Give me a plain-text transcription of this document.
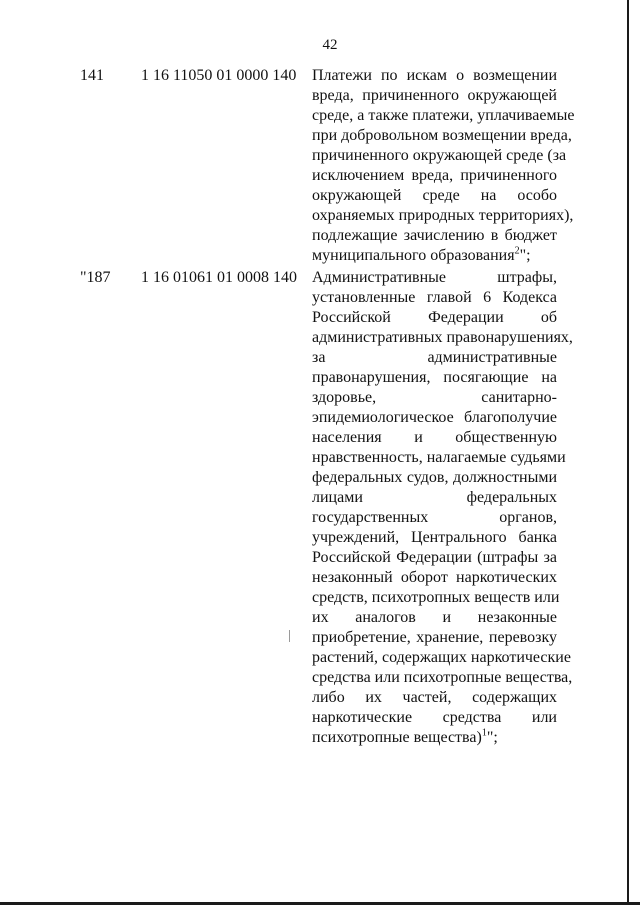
42
141 1 16 11050 01 0000 140 Платежи по искам о возмещении
вреда, причиненного окружающей
среде, а также платежи, уплачиваемые
при добровольном возмещении вреда,
причиненного окружающей среде (за
исключением вреда, причиненного
окружающей среде на особо
охраняемых природных территориях),
подлежащие зачислению в бюджет
муниципального образования$^2$";
"187 1 16 01061 01 0008 140 Административные штрафы,
установленные главой 6 Кодекса
Российской Федерации об
административных правонарушениях,
за административные
правонарушения, посягающие на
здоровье, санитарно-
эпидемиологическое благополучие
населения и общественную
нравственность, налагаемые судьями
федеральных судов, должностными
лицами федеральных
государственных органов,
учреждений, Центрального банка
Российской Федерации (штрафы за
незаконный оборот наркотических
средств, психотропных веществ или
их аналогов и незаконные
приобретение, хранение, перевозку
растений, содержащих наркотические
средства или психотропные вещества,
либо их частей, содержащих
наркотические средства или
психотропные вещества)$^1$";
